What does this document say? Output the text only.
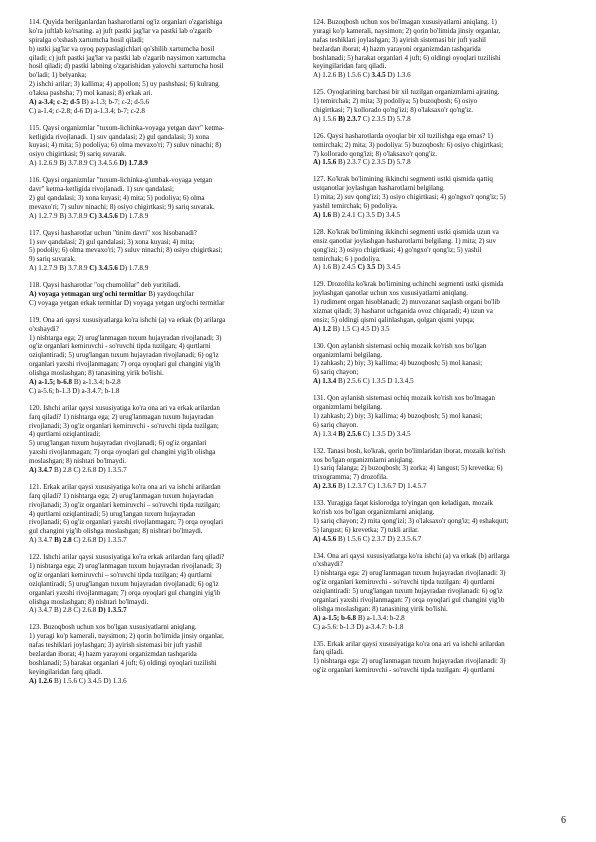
114. Quyida berilganlardan hasharotlarni og'iz organlari o'zgarishiga
ko'ra juftlab ko'rsating. a) juft pastki jag'lar va pastki lab o'zgarib
spiralga o'xshash xartumcha hosil qiladi;
b) ustki jag'lar va oyoq paypaslagichlari qo'shilib xartumcha hosil
qiladi; c) juft pastki jag'lar va pastki lab o'zgarib naysimon xartumcha
hosil qiladi; d) pastki labning o'zgarishidan yalovchi xartumcha hosil
bo'ladi; 1) belyanka;
2) ishchi arilar; 3) kallima; 4) appollon; 5) uy pashshasi; 6) kulrang
o'laksa pashsha; 7) mol kanasi; 8) erkak ari.

A) a-3.4; c-2; d-5 B) a-1.3; b-7; c-2; d-5.6
C) a-1.4; c-2.8; d-6 D) a-1.3.4; b-7; c-2.8

115. Qaysi organizmlar "tuxum-lichinka-voyaga yetgan davr" ketma-
ketligida rivojlanadi. 1) suv qandalasi; 2) gul qandalasi; 3) xona
kuyasi; 4) mita; 5) podoliya; 6) olma mevaxo'ri; 7) suluv ninachi; 8)
osiyo chigirtkasi; 9) sariq suvarak.

A) 1.2.6.9 B) 3.7.8.9 C) 3.4.5.6 D) 1.7.8.9

116. Qaysi organizmlar "tuxum-lichinka-g'umbak-voyaga yetgan
davr" ketma-ketligida rivojlanadi. 1) suv qandalasi;
2) gul qandalasi; 3) xona kuyasi; 4) mita; 5) podoliya; 6) olma
mevaxo'ri; 7) suluv ninachi; 8) osiyo chigirtkasi; 9) sariq suvarak.

A) 1.2.7.9 B) 3.7.8.9 C) 3.4.5.6 D) 1.7.8.9

117. Qaysi hasharotlar uchun "tinim davri" xos hisobanadi?
1) suv qandalasi; 2) gul qandalasi; 3) xona kuyasi; 4) mita;
5) podoliy; 6) olma mevaxo'ri; 7) suluv ninachi; 8) osiyo chigirtkasi;
9) sariq suvarak.

A) 1.2.7.9 B) 3.7.8.9 C) 3.4.5.6 D) 1.7.8.9

118. Qaysi hasharotlar "oq chumolilar" deb yuritiladi.

A) voyaga yetmagan urg'ochi termitlar B) yaydoqchilar
C) voyaga yetgan erkak termitlar D) voyaga yetgan urg'ochi termitlar

119. Ona ari qaysi xususiyatlarga ko'ra ishchi (a) va erkak (b) arilarga
o'xshaydi?
1) nishtarga ega; 2) urug'lanmagan tuxum hujayradan rivojlanadi; 3)
og'iz organlari kemiruvchi - so'ruvchi tipda tuzilgan; 4) qurtlarni
oziqlantiradi; 5) urug'langan tuxum hujayradan rivojlanadi; 6) og'iz
organlari yaxshi rivojlanmagan; 7) orqa oyoqlari gul changini yig'ib
olishga moslashgan; 8) tanasining yirik bo'lishi.

A) a-1.5; b-6.8 B) a-1.3.4; b-2.8
C) a-5.6; b-1.3 D) a-3.4.7; b-1.8

120. Ishchi arilar qaysi xususiyatiga ko'ra ona ari va erkak arilardan
farq qiladi? 1) nishtarga ega; 2) urug'lanmagan tuxum hujayradan
rivojlanadi; 3) og'iz organlari kemiruvchi - so'ruvchi tipda tuzilgan;
4) qurtlarni oziqlantiradi;
5) urug'langan tuxum hujayradan rivojlanadi; 6) og'iz organlari
yaxshi rivojlanmagan; 7) orqa oyoqlari gul changini yig'ib olishga
moslashgan; 8) nishtari bo'lmaydi.

A) 3.4.7 B) 2.8 C) 2.6.8 D) 1.3.5.7

121. Erkak arilar qaysi xususiyatiga ko'ra ona ari va ishchi arilardan
farq qiladi? 1) nishtarga ega; 2) urug'lanmagan tuxum hujayradan
rivojlanadi; 3) og'iz organlari kemiruvchi – so'ruvchi tipda tuzilgan;
4) qurtlarni oziqlantiradi; 5) urug'langan tuxum hujayradan
rivojlanadi; 6) og'iz organlari yaxshi rivojlanmagan; 7) orqa oyoqlari
gul changini yig'ib olishga moslashgan; 8) nishtari bo'lmaydi.

A) 3.4.7 B) 2.8 C) 2.6.8 D) 1.3.5.7

122. Ishchi arilar qaysi xususiyatiga ko'ra erkak arilardan farq qiladi?
1) nishtarga ega; 2) urug'lanmagan tuxum hujayradan rivojlanadi; 3)
og'iz organlari kemiruvchi – so'ruvchi tipda tuzilgan; 4) qurtlarni
oziqlantiradi; 5) urug'langan tuxum hujayradan rivojlanadi; 6) og'iz
organlari yaxshi rivojlanmagan; 7) orqa oyoqlari gul changini yig'ib
olishga moslashgan; 8) nishtari bo'lmaydi.

A) 3.4.7 B) 2.8 C) 2.6.8 D) 1.3.5.7

123. Buzoqbosh uchun xos bo'lgan xususiyatlarni aniqlang.
1) yuragi ko'p kamerali, naysimon; 2) qorin bo'limida jinsiy organlar,
nafas teshiklari joylashgan; 3) ayirish sistemasi bir juft yashil
bezlardan iborat; 4) hazm yarayoni organizmdan tashqarida
boshlanadi; 5) harakat organlari 4 juft; 6) oldingi oyoqlari tuzilishi
keyingilaridan farq qiladi.

A) 1.2.6 B) 1.5.6 C) 3.4.5 D) 1.3.6

124. Buzoqbosh uchun xos bo'lmagan xususiyatlarni aniqlang. 1)
yuragi ko'p kamerali, naysimon; 2) qorin bo'limida jinsiy organlar,
nafas teshiklari joylashgan; 3) ayirish sistemasi bir juft yashil
bezlardan iborat; 4) hazm yarayoni organizmdan tashqarida
boshlanadi; 5) harakat organlari 4 juft; 6) oldingi oyoqlari tuzilishi
keyingilaridan farq qiladi.

A) 1.2.6 B) 1.5.6 C) 3.4.5 D) 1.3.6

125. Oyoqlarining barchasi bir xil tuzilgan organizmlarni ajrating.
1) temirchak; 2) mita; 3) podoliya; 5) buzoqbosh; 6) osiyo
chigirtkasi; 7) kollorado qo'ng'izi; 8) o'laksaxo'r qo'ng'iz.

A) 1.5.6 B) 2.3.7 C) 2.3.5 D) 5.7.8

126. Qaysi hasharotlarda oyoqlar bir xil tuzilishga ega emas? 1)
temirchak; 2) mita; 3) podoliya: 5) buzoqbosh: 6) osiyo chigirtkasi;
7) kollorado qong'izi; 8) o'laksaxo'r qong'iz.

A) 1.5.6 B) 2.3.7 C) 2.3.5 D) 5.7.8

127. Ko'krak bo'limining ikkinchi segmenti ustki qismida qattiq
ustqanotlar joylashgan hasharotlarni belgilang.
1) mita; 2) suv qong'izi; 3) osiyo chigirtkasi; 4) go'ngxo'r qong'iz; 5)
yashil temirchak; 6) podoliya.

A) 1.6 B) 2.4.1 C) 3.5 D) 3.4.5

128. Ko'krak bo'limining ikkinchi segmenti ustki qismida uzun va
ensiz qanotlar joylashgan hasharotlarni belgilang. 1) mita; 2) suv
qong'izi; 3) osiyo chigirtkasi; 4) go'ngxo'r qong'iz; 5) yashil
temirchak; 6 ) podoliya.

A) 1.6 B) 2.4.5 C) 3.5 D) 3.4.5

129. Drozofila ko'krak bo'limining uchinchi segmenti ustki qismida
joylashgan qanotlar uchun xos xususiyatlarni aniqlang.
1) rudiment organ hisoblanadi; 2) muvozanat saqlash organi bo'lib
xizmat qiladi; 3) hasharot uchganida ovoz chiqaradi; 4) uzun va
ensiz; 5) oldingi qismi qalinlashgan, qolgan qismi yupqa;

A) 1.2 B) 1.5 C) 4.5 D) 3.5

130. Qon aylanish sistemasi ochiq mozaik ko'rish xos bo'lgan
organizmlarni belgilang.
1) zahkash; 2) biy; 3) kallima; 4) buzoqbosh; 5) mol kanasi;
6) sariq chayon;

A) 1.3.4 B) 2.5.6 C) 1.3.5 D 1.3.4.5

131. Qon aylanish sistemasi ochiq mozaik ko'rish xos bo'lmagan
organizmlarni belgilang.
1) zahkash; 2) biy; 3) kallima; 4) buzoqbosh; 5) mol kanasi;
6) sariq chayon.

A) 1.3.4 B) 2.5.6 C) 1.3.5 D) 3.4.5

132. Tanasi bosh, ko'krak, qorin bo'limlaridan iborat, mozaik ko'rish
xos bo'lgan organizmlarni aniqlang.
1) sariq falanga; 2) buzoqbosh; 3) zorka; 4) langust; 5) krevetka; 6)
trixogramma; 7) drozofila.

A) 2.3.6 B) 1.2.3.7 C) 1.3.6.7 D) 1.4.5.7

133. Yuragiga faqat kislorodga to'yingan qon keladigan, mozaik
ko'rish xos bo'lgan organizmlarni aniqlang.
1) sariq chayon; 2) mita qong'izi; 3) o'laksaxo'r qong'iz; 4) eshakqurt;
5) langust; 6) krevetka; 7) tukli arilar.

A) 4.5.6 B) 1.5.6 C) 2.3.7 D) 2.3.5.6.7

134. Ona ari qaysi xususiyatlarga ko'ra ishchi (a) va erkak (b) arilarga
o'xshaydi?
1) nishtarga ega: 2) urug'lanmagan tuxum hujayradan rivojlanadi: 3)
og'iz organlari kemiruvchi - so'ruvchi tipda tuzilgan: 4) qurtlarni
oziqlantiradi: 5) urug'langan tuxum hujayradan rivojlanadi: 6) og'iz
organlari yaxshi rivojlanmagan: 7) orqa oyoqlari gul changini yig'ib
olishga moslashgan: 8) tanasining yirik bo'lishi.

A) a-1.5; b-6.8 B) a-1.3.4: b-2.8
C) a-5.6: b-1.3 D) a-3.4.7: b-1.8

135. Erkak arilar qaysi xususiyatiga ko'ra ona ari va ishchi arilardan
farq qiladi.
1) nishtarga ega: 2) urug'lanmagan tuxum hujayradan rivojlanadi: 3)
og'iz organlari kemiruvchi - so'ruvchi tipda tuzilgan: 4) qurtlarni

6
